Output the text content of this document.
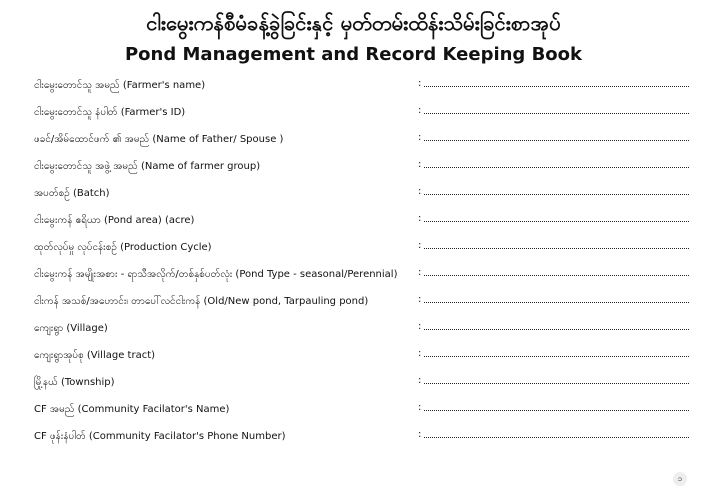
ငါးမွေးကန်စီမံခန့်ခွဲခြင်းနှင့် မှတ်တမ်းထိန်းသိမ်းခြင်းစာအုပ်
Pond Management and Record Keeping Book
ငါးမွေးတောင်သူ အမည် (Farmer's name)	:
ငါးမွေးတောင်သူ နံပါတ် (Farmer's ID)	:
ဖခင်/အိမ်ထောင်ဖက် ၏ အမည် (Name of Father/ Spouse )	:
ငါးမွေးတောင်သူ အဖွဲ့ အမည် (Name of farmer group)	:
အပတ်စဉ် (Batch)	:
ငါးမွေးကန် ဧရိယာ (Pond area) (acre)	:
ထုတ်လုပ်မှု လုပ်ငန်းစဉ် (Production Cycle)	:
ငါးမွေးကန် အမျိုးအစား - ရာသီအလိုက်/တစ်နှစ်ပတ်လုံး (Pond Type - seasonal/Perennial) :
ငါးကန် အသစ်/အဟောင်း၊ တာပေါ်လင်ငါးကန် (Old/New pond, Tarpauling pond)	:
ကျေးရွာ (Village)	:
ကျေးရွာအုပ်စု (Village tract)	:
မြို့နယ် (Township)	:
CF အမည် (Community Facilator's Name)	:
CF ဖုန်းနံပါတ် (Community Facilator's Phone Number)	:
၁
